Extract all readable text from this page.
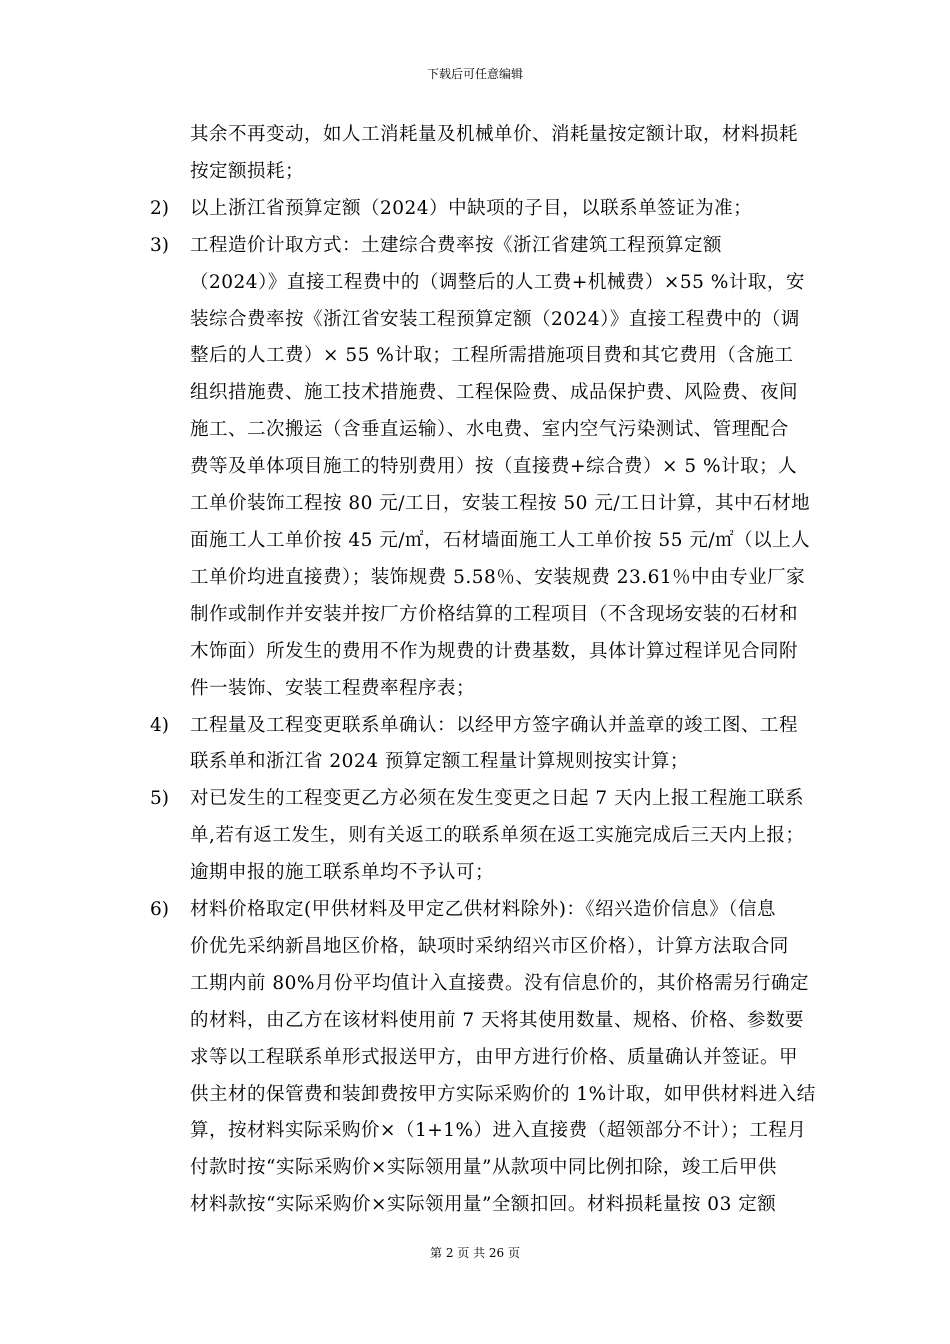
下载后可任意编辑
其余不再变动，如人工消耗量及机械单价、消耗量按定额计取，材料损耗
按定额损耗；
2)	以上浙江省预算定额（2024）中缺项的子目，以联系单签证为准；
3)	工程造价计取方式：土建综合费率按《浙江省建筑工程预算定额
（2024）》直接工程费中的（调整后的人工费+机械费）×55 %计取，安
装综合费率按《浙江省安装工程预算定额（2024）》直接工程费中的（调
整后的人工费）× 55 %计取；工程所需措施项目费和其它费用（含施工
组织措施费、施工技术措施费、工程保险费、成品保护费、风险费、夜间
施工、二次搬运（含垂直运输）、水电费、室内空气污染测试、管理配合
费等及单体项目施工的特别费用）按（直接费+综合费）× 5 %计取；人
工单价装饰工程按 80 元/工日，安装工程按 50 元/工日计算，其中石材地
面施工人工单价按 45 元/㎡，石材墙面施工人工单价按 55 元/㎡（以上人
工单价均进直接费）；装饰规费 5.58％、安装规费 23.61％中由专业厂家
制作或制作并安装并按厂方价格结算的工程项目（不含现场安装的石材和
木饰面）所发生的费用不作为规费的计费基数，具体计算过程详见合同附
件一装饰、安装工程费率程序表；
4)	工程量及工程变更联系单确认：以经甲方签字确认并盖章的竣工图、工程
联系单和浙江省 2024 预算定额工程量计算规则按实计算；
5)	对已发生的工程变更乙方必须在发生变更之日起 7 天内上报工程施工联系
单,若有返工发生，则有关返工的联系单须在返工实施完成后三天内上报；
逾期申报的施工联系单均不予认可；
6)	材料价格取定(甲供材料及甲定乙供材料除外)：《绍兴造价信息》（信息
价优先采纳新昌地区价格，缺项时采纳绍兴市区价格），计算方法取合同
工期内前 80%月份平均值计入直接费。没有信息价的，其价格需另行确定
的材料，由乙方在该材料使用前 7 天将其使用数量、规格、价格、参数要
求等以工程联系单形式报送甲方，由甲方进行价格、质量确认并签证。甲
供主材的保管费和装卸费按甲方实际采购价的 1%计取，如甲供材料进入结
算，按材料实际采购价×（1+1%）进入直接费（超领部分不计）；工程月
付款时按“实际采购价×实际领用量”从款项中同比例扣除，竣工后甲供
材料款按“实际采购价×实际领用量”全额扣回。材料损耗量按 03 定额
第 2 页 共 26 页
